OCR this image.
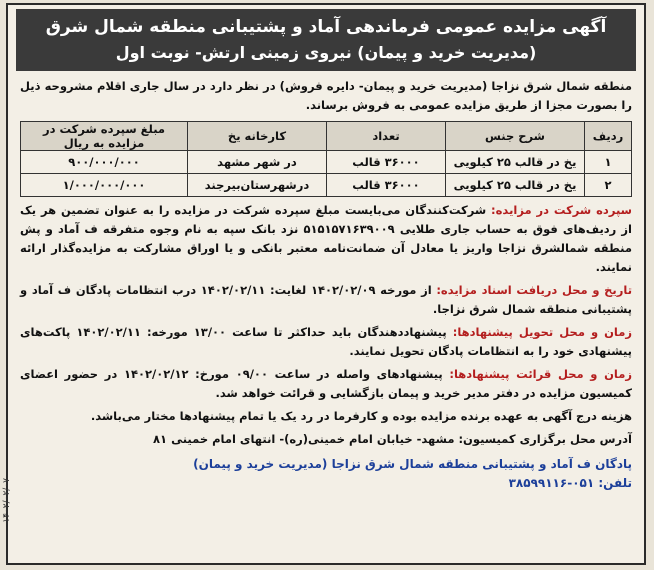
آگهی مزایده عمومی فرماندهی آماد و پشتیبانی منطقه شمال شرق
(مدیریت خرید و پیمان) نیروی زمینی ارتش- نوبت اول
منطقه شمال شرق نزاجا (مدیریت خرید و پیمان- دایره فروش) در نظر دارد در سال جاری اقلام مشروحه ذیل را بصورت مجزا از طریق مزایده عمومی به فروش برساند.
ردیف	شرح جنس	تعداد	کارخانه یخ	مبلغ سپرده شرکت در مزایده به ریال
۱	یخ در قالب ۲۵ کیلویی	۳۶۰۰۰ قالب	در شهر مشهد	۹۰۰/۰۰۰/۰۰۰
۲	یخ در قالب ۲۵ کیلویی	۳۶۰۰۰ قالب	درشهرستان‌بیرجند	۱/۰۰۰/۰۰۰/۰۰۰
سپرده شرکت در مزایده: شرکت‌کنندگان می‌بایست مبلغ سپرده شرکت در مزایده را به عنوان تضمین هر یک از ردیف‌های فوق به حساب جاری طلایی ۵۱۵۱۵۷۱۶۳۹۰۰۹ نزد بانک سپه به نام وجوه متفرقه ف آماد و پش منطقه شمالشرق نزاجا واریز یا معادل آن ضمانت‌نامه معتبر بانکی و یا اوراق مشارکت به مزایده‌گذار ارائه نمایند.
تاریخ و محل دریافت اسناد مزایده: از مورخه ۱۴۰۲/۰۲/۰۹ لغایت: ۱۴۰۲/۰۲/۱۱ درب انتظامات پادگان ف آماد و پشتیبانی منطقه شمال شرق نزاجا.
زمان و محل تحویل پیشنهادها: پیشنهاددهندگان باید حداکثر تا ساعت ۱۳/۰۰ مورخه: ۱۴۰۲/۰۲/۱۱ پاکت‌های پیشنهادی خود را به انتظامات پادگان تحویل نمایند.
زمان و محل قرائت پیشنهادها: پیشنهادهای واصله در ساعت ۰۹/۰۰ مورخ: ۱۴۰۲/۰۲/۱۲ در حضور اعضای کمیسیون مزایده در دفتر مدیر خرید و پیمان بازگشایی و قرائت خواهد شد.
هزینه درج آگهی به عهده برنده مزایده بوده و کارفرما در رد یک یا تمام پیشنهادها مختار می‌باشد.
آدرس محل برگزاری کمیسیون: مشهد- خیابان امام خمینی(ره)- انتهای امام خمینی ۸۱
پادگان ف آماد و پشتیبانی منطقه شمال شرق نزاجا (مدیریت خرید و پیمان)
تلفن: ۰۵۱-۳۸۵۹۹۱۱۶
۱۴۰۲/۰۲/۰۷
